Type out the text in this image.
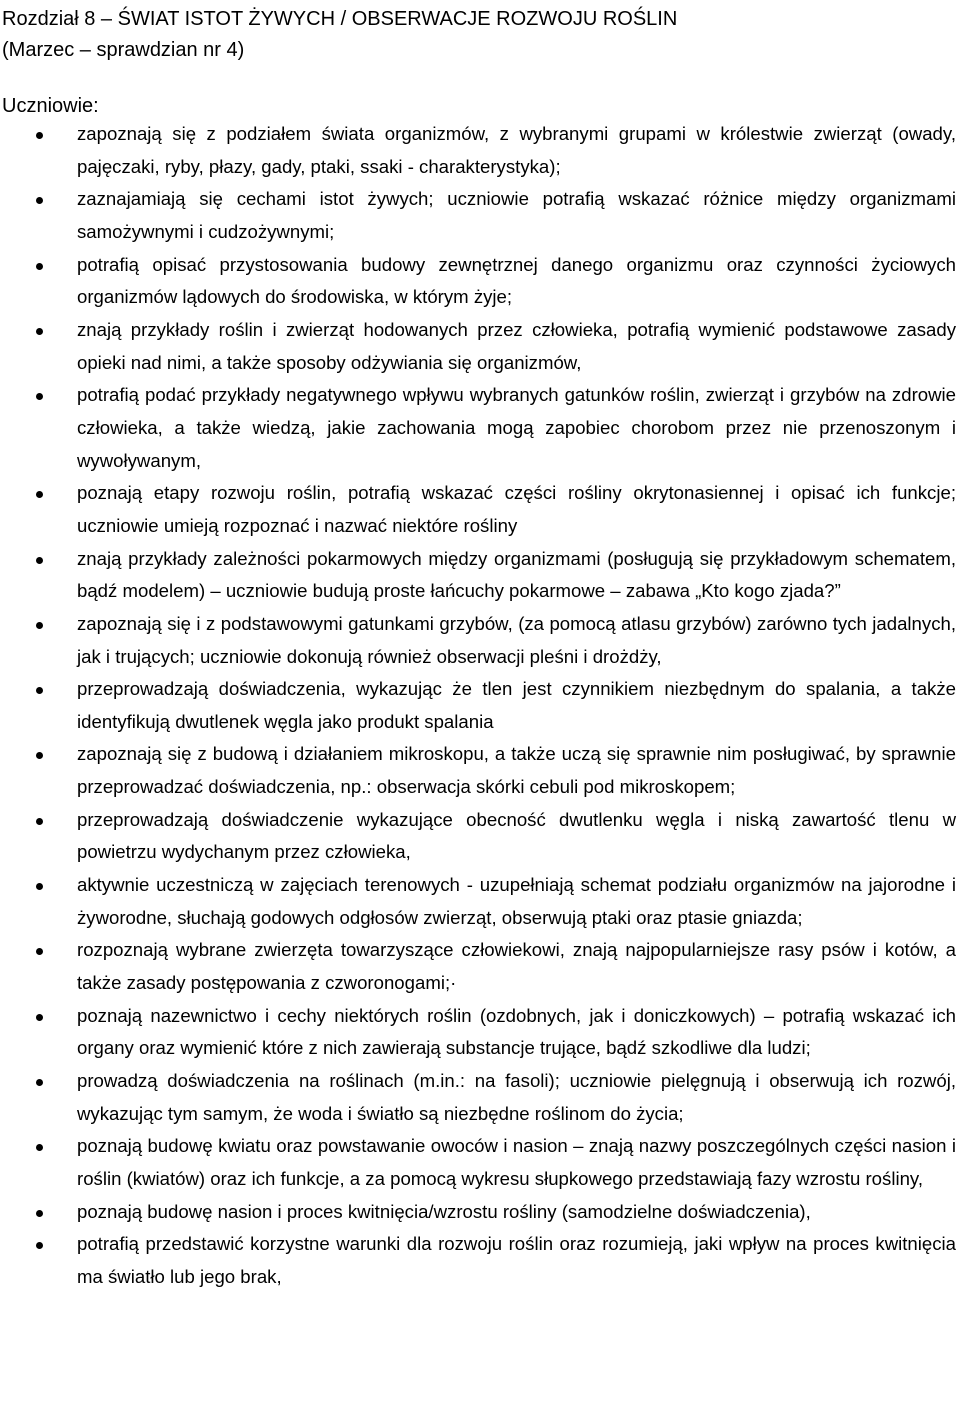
Rozdział 8 – ŚWIAT ISTOT ŻYWYCH / OBSERWACJE ROZWOJU ROŚLIN
(Marzec – sprawdzian nr 4)
Uczniowie:
zapoznają się z podziałem świata organizmów, z wybranymi grupami w królestwie zwierząt (owady, pajęczaki, ryby, płazy, gady, ptaki, ssaki - charakterystyka);
zaznajamiają się cechami istot żywych; uczniowie potrafią wskazać różnice między organizmami samożywnymi i cudzożywnymi;
potrafią opisać przystosowania budowy zewnętrznej danego organizmu oraz czynności życiowych organizmów lądowych do środowiska, w którym żyje;
znają przykłady roślin i zwierząt hodowanych przez człowieka, potrafią wymienić podstawowe zasady opieki nad nimi, a także sposoby odżywiania się organizmów,
potrafią podać przykłady negatywnego wpływu wybranych gatunków roślin, zwierząt i grzybów na zdrowie człowieka, a także wiedzą, jakie zachowania mogą zapobiec chorobom przez nie przenoszonym i wywoływanym,
poznają etapy rozwoju roślin, potrafią wskazać części rośliny okrytonasiennej i opisać ich funkcje; uczniowie umieją rozpoznać i nazwać niektóre rośliny
znają przykłady zależności pokarmowych między organizmami (posługują się przykładowym schematem, bądź modelem) – uczniowie budują proste łańcuchy pokarmowe – zabawa „Kto kogo zjada?”
zapoznają się i z podstawowymi gatunkami grzybów, (za pomocą atlasu grzybów) zarówno tych jadalnych, jak i trujących; uczniowie dokonują również obserwacji pleśni i drożdży,
przeprowadzają doświadczenia, wykazując że tlen jest czynnikiem niezbędnym do spalania, a także identyfikują dwutlenek węgla jako produkt spalania
zapoznają się z budową i działaniem mikroskopu, a także uczą się sprawnie nim posługiwać, by sprawnie przeprowadzać doświadczenia, np.: obserwacja skórki cebuli pod mikroskopem;
przeprowadzają doświadczenie wykazujące obecność dwutlenku węgla i niską zawartość tlenu w powietrzu wydychanym przez człowieka,
aktywnie uczestniczą w zajęciach terenowych - uzupełniają schemat podziału organizmów na jajorodne i żyworodne, słuchają godowych odgłosów zwierząt, obserwują ptaki oraz ptasie gniazda;
rozpoznają wybrane zwierzęta towarzyszące człowiekowi, znają najpopularniejsze rasy psów i kotów, a także zasady postępowania z czworonogami;·
poznają nazewnictwo i cechy niektórych roślin (ozdobnych, jak i doniczkowych) – potrafią wskazać ich organy oraz wymienić które z nich zawierają substancje trujące, bądź szkodliwe dla ludzi;
prowadzą doświadczenia na roślinach (m.in.: na fasoli); uczniowie pielęgnują i obserwują ich rozwój, wykazując tym samym, że woda i światło są niezbędne roślinom do życia;
poznają budowę kwiatu oraz powstawanie owoców i nasion – znają nazwy poszczególnych części nasion i roślin (kwiatów) oraz ich funkcje, a za pomocą wykresu słupkowego przedstawiają fazy wzrostu rośliny,
poznają budowę nasion i proces kwitnięcia/wzrostu rośliny (samodzielne doświadczenia),
potrafią przedstawić korzystne warunki dla rozwoju roślin oraz rozumieją, jaki wpływ na proces kwitnięcia ma światło lub jego brak,
